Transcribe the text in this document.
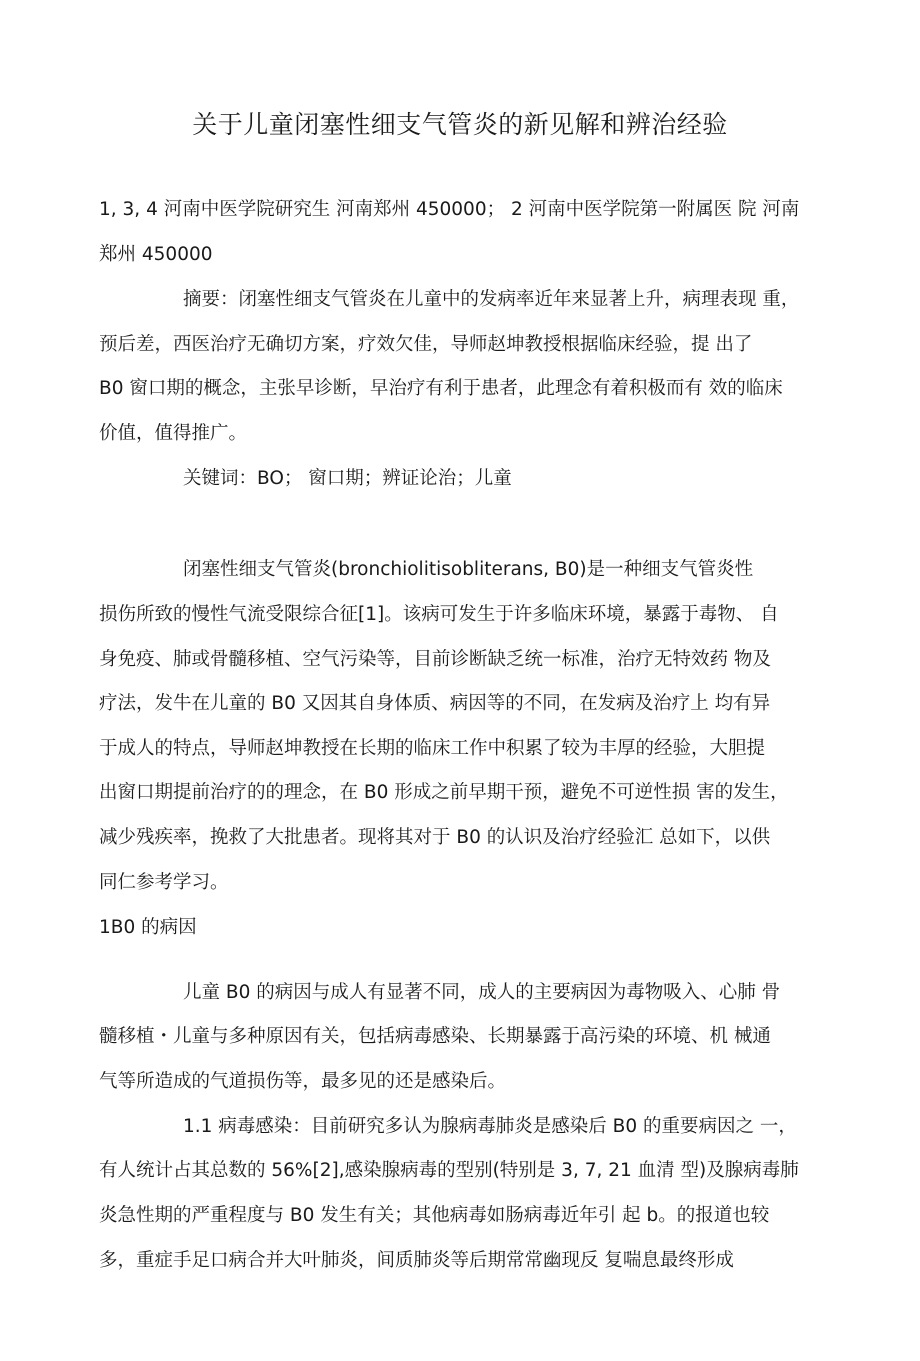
关于儿童闭塞性细支气管炎的新见解和辨治经验
1, 3, 4 河南中医学院研究生 河南郑州 450000； 2 河南中医学院第一附属医 院 河南
郑州 450000
摘要：闭塞性细支气管炎在儿童中的发病率近年来显著上升，病理表现 重，
预后差，西医治疗无确切方案，疗效欠佳，导师赵坤教授根据临床经验，提 出了
B0 窗口期的概念，主张早诊断，早治疗有利于患者，此理念有着积极而有 效的临床
价值，值得推广。
关键词：BO； 窗口期；辨证论治；儿童
闭塞性细支气管炎(bronchiolitisobliterans, B0)是一种细支气管炎性
损伤所致的慢性气流受限综合征[1]。该病可发生于许多临床环境，暴露于毒物、 自
身免疫、肺或骨髓移植、空气污染等，目前诊断缺乏统一标准，治疗无特效药 物及
疗法，发牛在儿童的 B0 又因其自身体质、病因等的不同，在发病及治疗上 均有异
于成人的特点，导师赵坤教授在长期的临床工作中积累了较为丰厚的经验，大胆提
出窗口期提前治疗的的理念，在 B0 形成之前早期干预，避免不可逆性损 害的发生，
减少残疾率，挽救了大批患者。现将其对于 B0 的认识及治疗经验汇 总如下，以供
同仁参考学习。
1B0 的病因
儿童 B0 的病因与成人有显著不同，成人的主要病因为毒物吸入、心肺 骨
髓移植・儿童与多种原因有关，包括病毒感染、长期暴露于高污染的环境、机 械通
气等所造成的气道损伤等，最多见的还是感染后。
1.1 病毒感染：目前研究多认为腺病毒肺炎是感染后 B0 的重要病因之 一，
有人统计占其总数的 56%[2],感染腺病毒的型别(特别是 3, 7, 21 血清 型)及腺病毒肺
炎急性期的严重程度与 B0 发生有关；其他病毒如肠病毒近年引 起 b。的报道也较
多，重症手足口病合并大叶肺炎，间质肺炎等后期常常幽现反 复喘息最终形成
